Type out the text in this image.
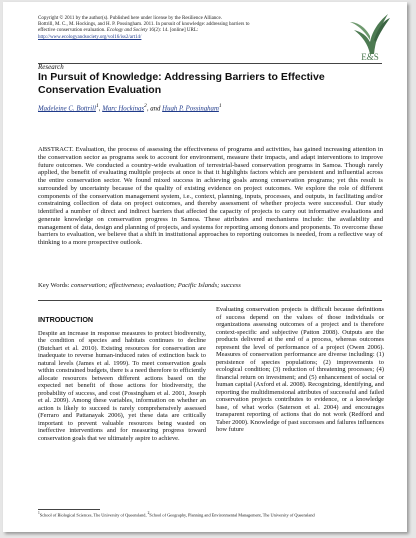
Copyright © 2011 by the author(s). Published here under license by the Resilience Alliance.
Bottrill, M. C., M. Hockings, and H. P. Possingham. 2011. In pursuit of knowledge: addressing barriers to
effective conservation evaluation. Ecology and Society 16(2): 14. [online] URL:
http://www.ecologyandsociety.org/vol16/iss2/art14/
E&S
Research
In Pursuit of Knowledge: Addressing Barriers to Effective Conservation Evaluation
Madeleine C. Bottrill$^1$, Marc Hockings$^2$, and Hugh P. Possingham$^1$
ABSTRACT. Evaluation, the process of assessing the effectiveness of programs and activities, has gained increasing attention in the conservation sector as programs seek to account for environment, measure their impacts, and adapt interventions to improve future outcomes. We conducted a country-wide evaluation of terrestrial-based conservation programs in Samoa. Though rarely applied, the benefit of evaluating multiple projects at once is that it highlights factors which are persistent and influential across the entire conservation sector. We found mixed success in achieving goals among conservation programs; yet this result is surrounded by uncertainty because of the quality of existing evidence on project outcomes. We explore the role of different components of the conservation management system, i.e., context, planning, inputs, processes, and outputs, in facilitating and/or constraining collection of data on project outcomes, and thereby assessment of whether projects were successful. Our study identified a number of direct and indirect barriers that affected the capacity of projects to carry out informative evaluations and generate knowledge on conservation progress in Samoa. These attributes and mechanisms include: the availability and management of data, design and planning of projects, and systems for reporting among donors and proponents. To overcome these barriers to evaluation, we believe that a shift in institutional approaches to reporting outcomes is needed, from a reflective way of thinking to a more prospective outlook.
Key Words: conservation; effectiveness; evaluation; Pacific Islands; success
INTRODUCTION
Despite an increase in response measures to protect biodiversity, the condition of species and habitats continues to decline (Butchart et al. 2010). Existing resources for conservation are inadequate to reverse human-induced rates of extinction back to natural levels (James et al. 1999). To meet conservation goals within constrained budgets, there is a need therefore to efficiently allocate resources between different actions based on the expected net benefit of those actions for biodiversity, the probability of success, and cost (Possingham et al. 2001, Joseph et al. 2009). Among these variables, information on whether an action is likely to succeed is rarely comprehensively assessed (Ferraro and Pattanayak 2006), yet these data are critically important to prevent valuable resources being wasted on ineffective interventions and for measuring progress toward conservation goals that we ultimately aspire to achieve.
Evaluating conservation projects is difficult because definitions of success depend on the values of those individuals or organizations assessing outcomes of a project and is therefore context-specific and subjective (Patton 2008). Outputs are the products delivered at the end of a process, whereas outcomes represent the level of performance of a project (Owen 2006). Measures of conservation performance are diverse including: (1) persistence of species populations; (2) improvements to ecological condition; (3) reduction of threatening processes; (4) financial return on investment; and (5) enhancement of social or human capital (Axford et al. 2008). Recognizing, identifying, and reporting the multidimensional attributes of successful and failed conservation projects contributes to evidence, or a knowledge base, of what works (Saterson et al. 2004) and encourages transparent reporting of actions that do not work (Redford and Taber 2000). Knowledge of past successes and failures influences how future
$^1$School of Biological Sciences, The University of Queensland, $^2$School of Geography, Planning and Environmental Management, The University of Queensland
